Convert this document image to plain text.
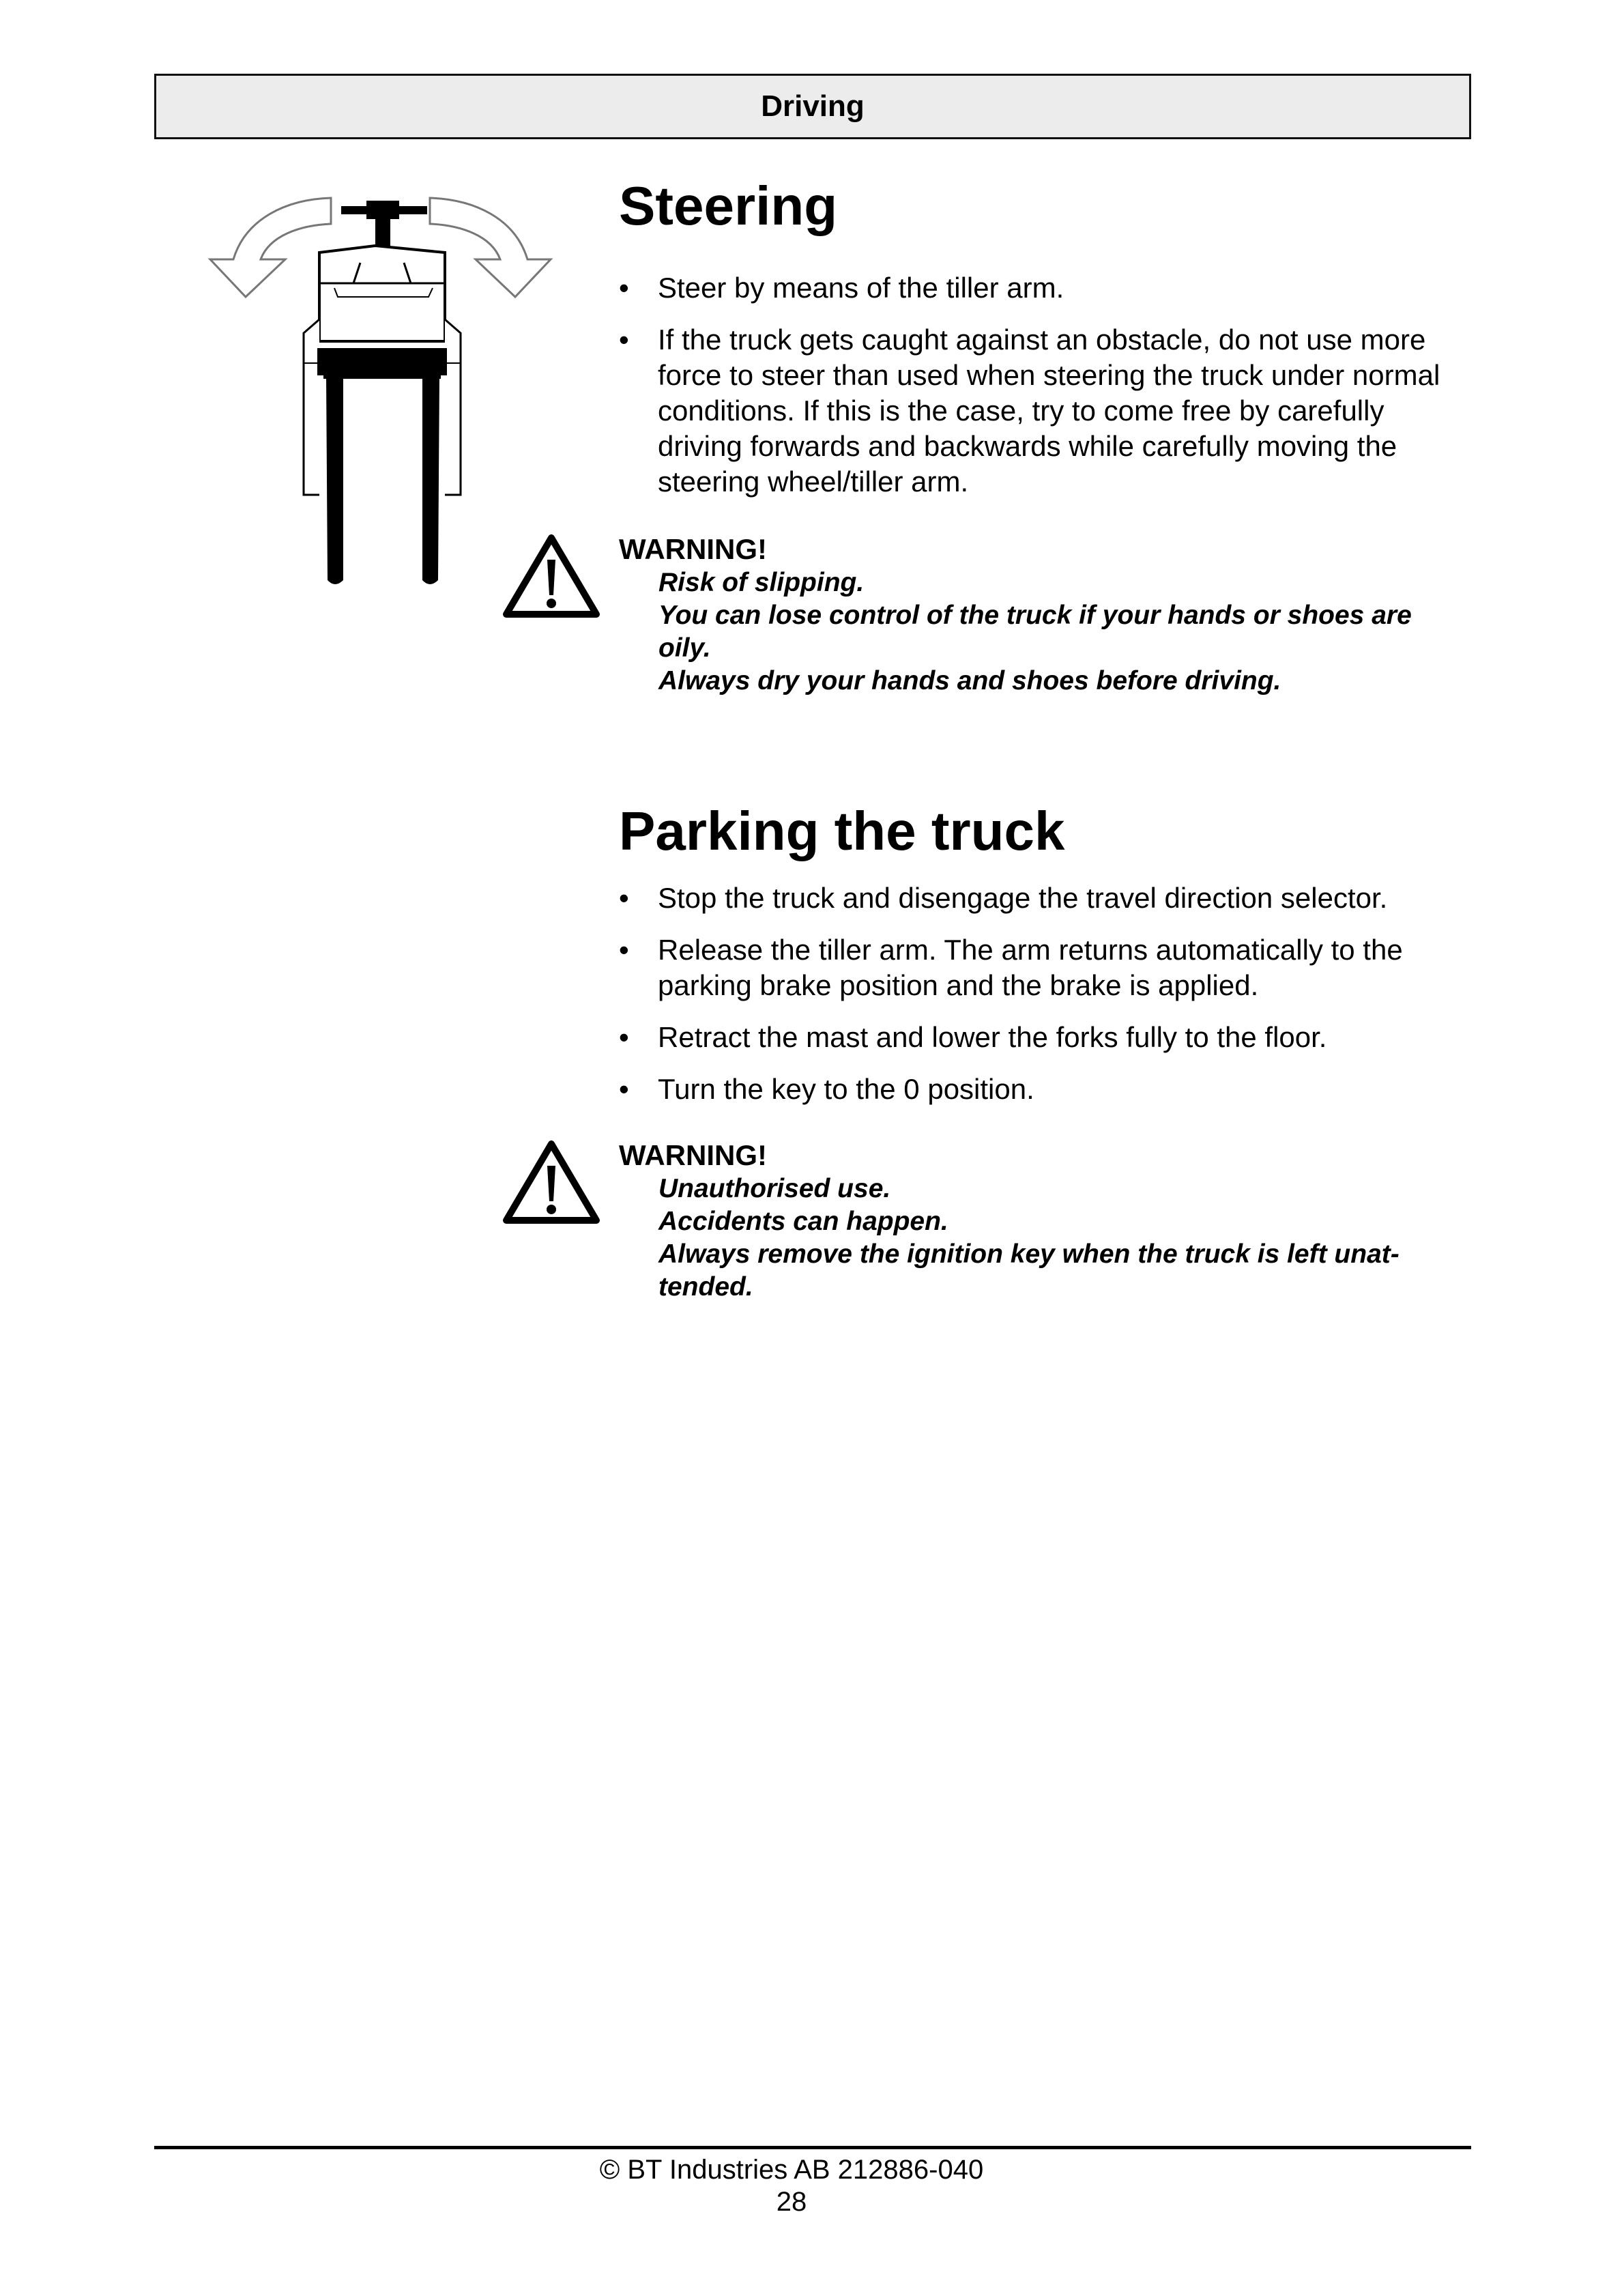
Driving
Steering
•	Steer by means of the tiller arm.
•	If the truck gets caught against an obstacle, do not use more force to steer than used when steering the truck under normal conditions. If this is the case, try to come free by carefully driving forwards and backwards while carefully moving the steering wheel/tiller arm.
WARNING!
Risk of slipping.
You can lose control of the truck if your hands or shoes are oily.
Always dry your hands and shoes before driving.
Parking the truck
•	Stop the truck and disengage the travel direction selector.
•	Release the tiller arm. The arm returns automatically to the parking brake position and the brake is applied.
•	Retract the mast and lower the forks fully to the floor.
•	Turn the key to the 0 position.
WARNING!
Unauthorised use.
Accidents can happen.
Always remove the ignition key when the truck is left unat-tended.
© BT Industries AB 212886-040
28
